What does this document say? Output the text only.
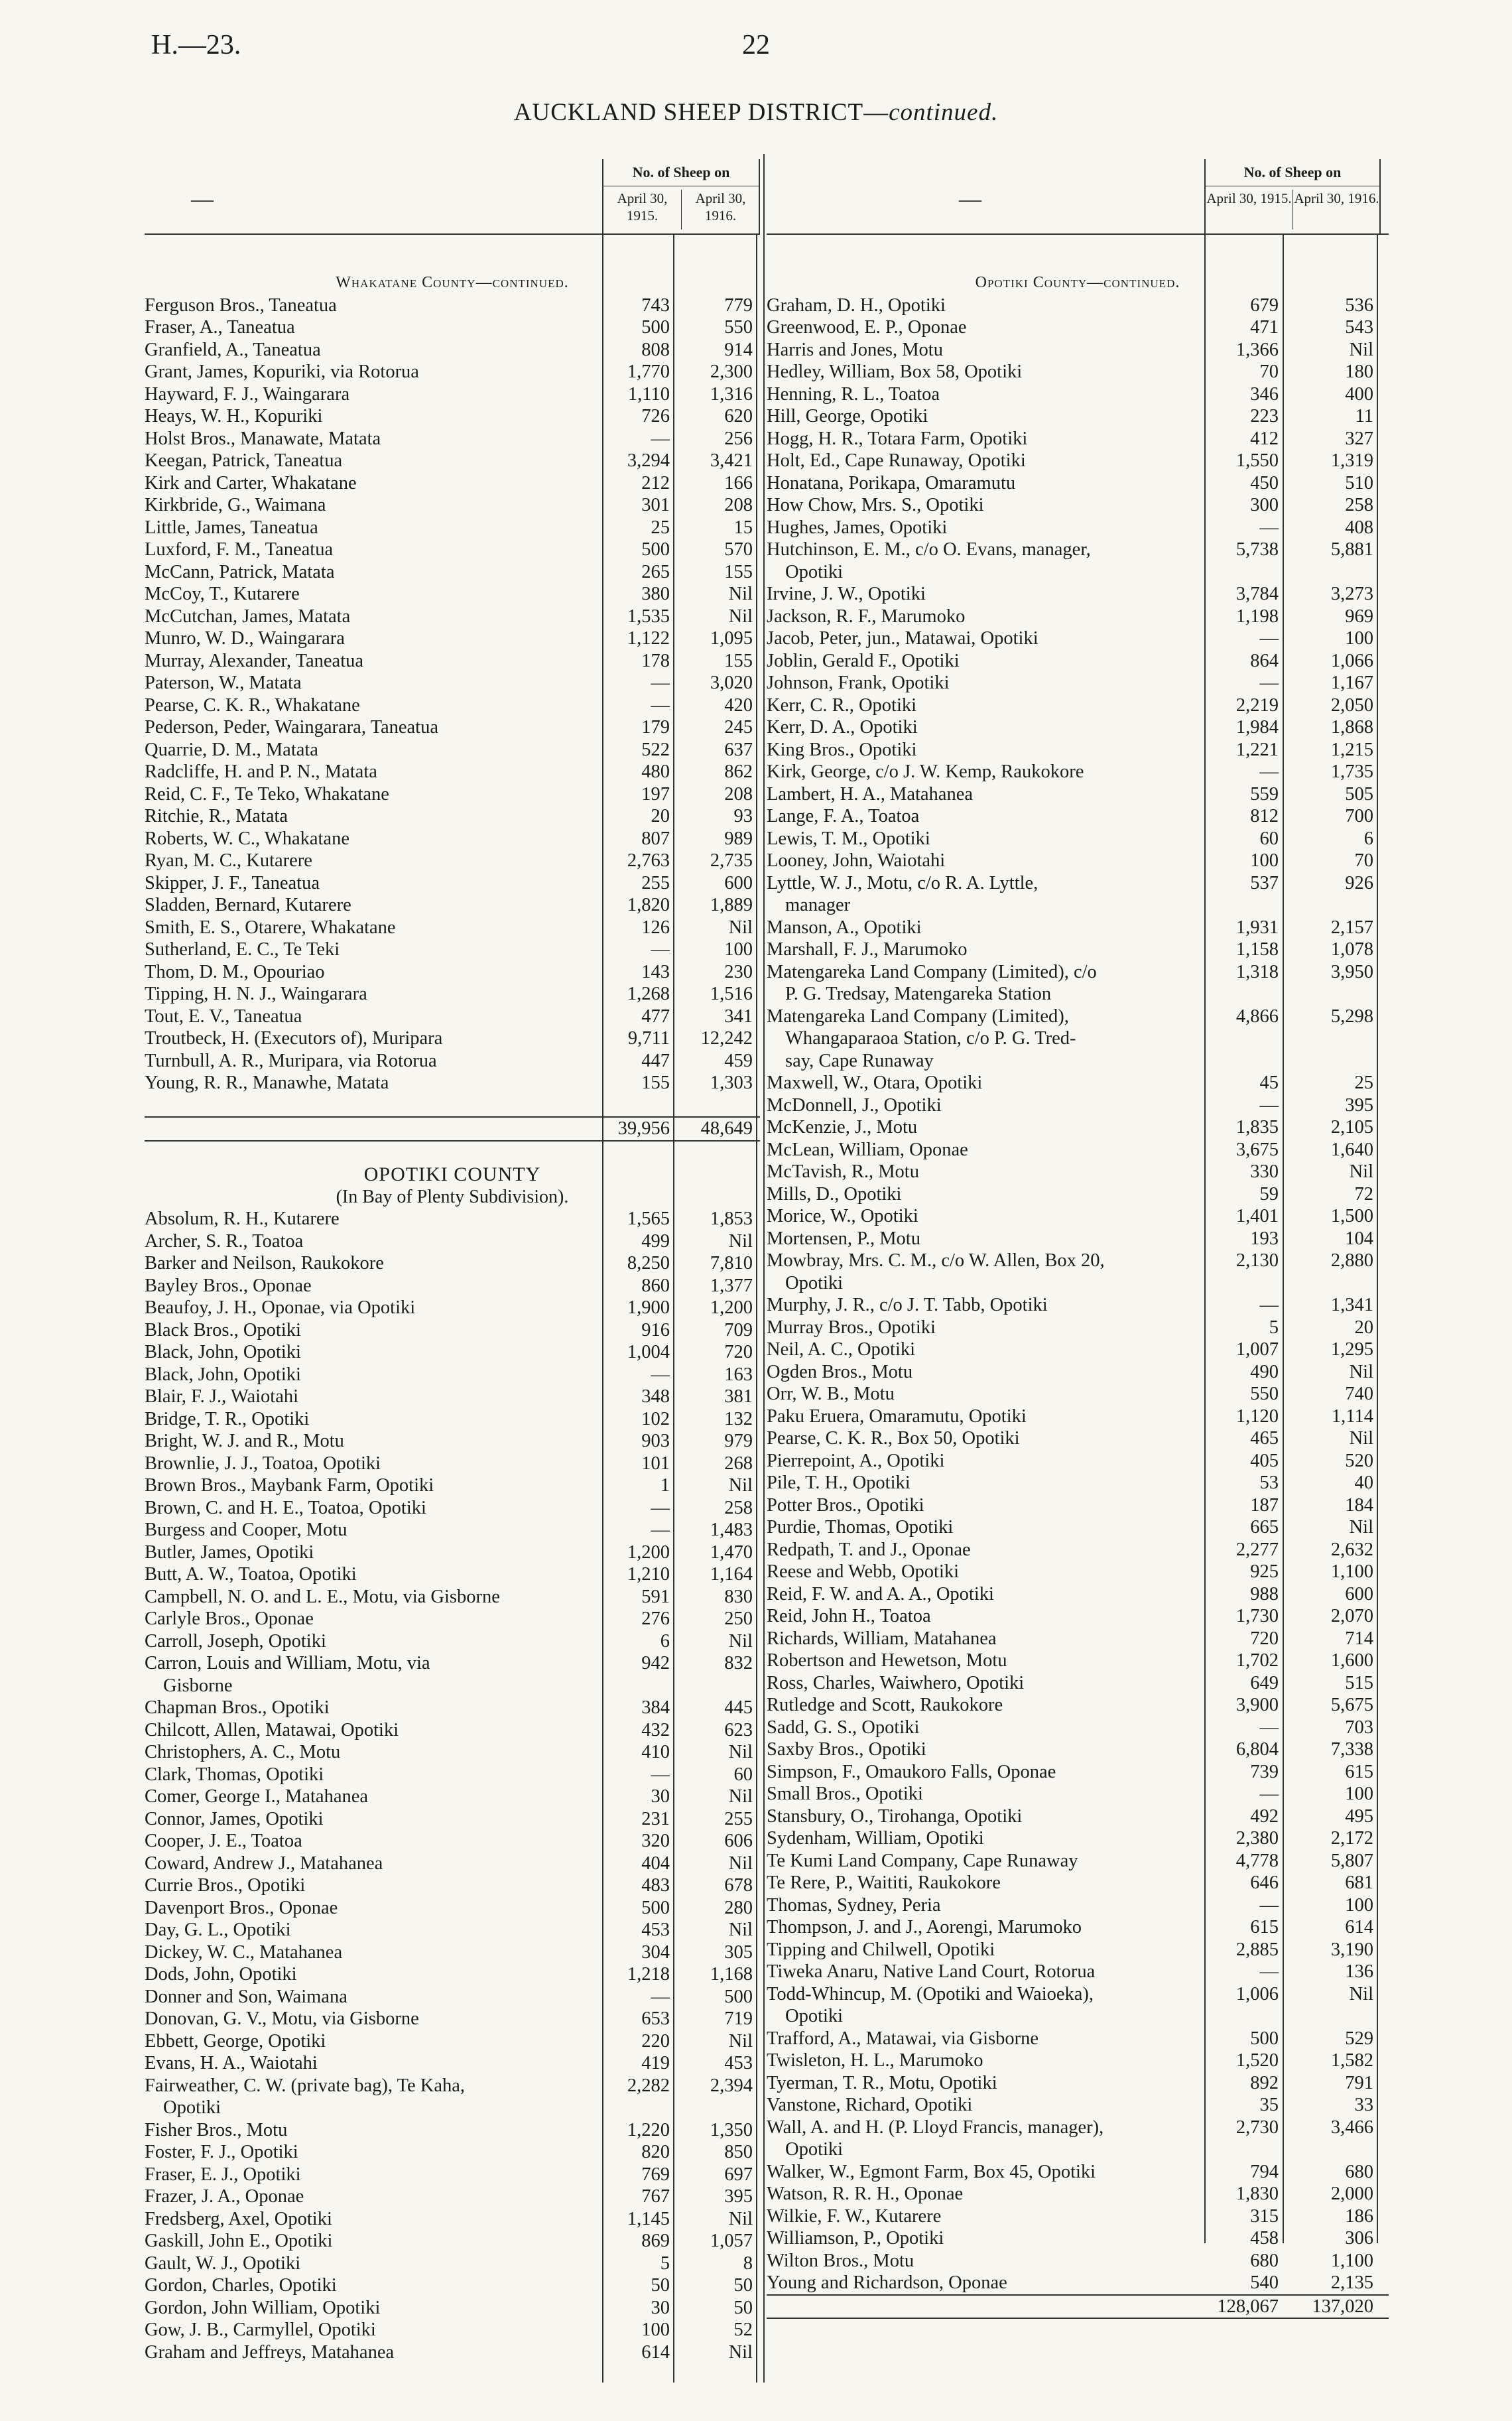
H.—23.	22
AUCKLAND SHEEP DISTRICT—continued.
—
No. of Sheep on
April 30, 1915.
April 30, 1916.
Whakatane County—continued.
Ferguson Bros., Taneatua	743	779
Fraser, A., Taneatua	500	550
Granfield, A., Taneatua	808	914
Grant, James, Kopuriki, via Rotorua	1,770	2,300
Hayward, F. J., Waingarara	1,110	1,316
Heays, W. H., Kopuriki	726	620
Holst Bros., Manawate, Matata	—	256
Keegan, Patrick, Taneatua	3,294	3,421
Kirk and Carter, Whakatane	212	166
Kirkbride, G., Waimana	301	208
Little, James, Taneatua	25	15
Luxford, F. M., Taneatua	500	570
McCann, Patrick, Matata	265	155
McCoy, T., Kutarere	380	Nil
McCutchan, James, Matata	1,535	Nil
Munro, W. D., Waingarara	1,122	1,095
Murray, Alexander, Taneatua	178	155
Paterson, W., Matata	—	3,020
Pearse, C. K. R., Whakatane	—	420
Pederson, Peder, Waingarara, Taneatua	179	245
Quarrie, D. M., Matata	522	637
Radcliffe, H. and P. N., Matata	480	862
Reid, C. F., Te Teko, Whakatane	197	208
Ritchie, R., Matata	20	93
Roberts, W. C., Whakatane	807	989
Ryan, M. C., Kutarere	2,763	2,735
Skipper, J. F., Taneatua	255	600
Sladden, Bernard, Kutarere	1,820	1,889
Smith, E. S., Otarere, Whakatane	126	Nil
Sutherland, E. C., Te Teki	—	100
Thom, D. M., Opouriao	143	230
Tipping, H. N. J., Waingarara	1,268	1,516
Tout, E. V., Taneatua	477	341
Troutbeck, H. (Executors of), Muripara	9,711	12,242
Turnbull, A. R., Muripara, via Rotorua	447	459
Young, R. R., Manawhe, Matata	155	1,303
39,956	48,649
OPOTIKI COUNTY
(In Bay of Plenty Subdivision).
Absolum, R. H., Kutarere	1,565	1,853
Archer, S. R., Toatoa	499	Nil
Barker and Neilson, Raukokore	8,250	7,810
Bayley Bros., Oponae	860	1,377
Beaufoy, J. H., Oponae, via Opotiki	1,900	1,200
Black Bros., Opotiki	916	709
Black, John, Opotiki	1,004	720
Black, John, Opotiki	—	163
Blair, F. J., Waiotahi	348	381
Bridge, T. R., Opotiki	102	132
Bright, W. J. and R., Motu	903	979
Brownlie, J. J., Toatoa, Opotiki	101	268
Brown Bros., Maybank Farm, Opotiki	1	Nil
Brown, C. and H. E., Toatoa, Opotiki	—	258
Burgess and Cooper, Motu	—	1,483
Butler, James, Opotiki	1,200	1,470
Butt, A. W., Toatoa, Opotiki	1,210	1,164
Campbell, N. O. and L. E., Motu, via Gisborne	591	830
Carlyle Bros., Oponae	276	250
Carroll, Joseph, Opotiki	6	Nil
Carron, Louis and William, Motu, via	942	832
Gisborne
Chapman Bros., Opotiki	384	445
Chilcott, Allen, Matawai, Opotiki	432	623
Christophers, A. C., Motu	410	Nil
Clark, Thomas, Opotiki	—	60
Comer, George I., Matahanea	30	Nil
Connor, James, Opotiki	231	255
Cooper, J. E., Toatoa	320	606
Coward, Andrew J., Matahanea	404	Nil
Currie Bros., Opotiki	483	678
Davenport Bros., Oponae	500	280
Day, G. L., Opotiki	453	Nil
Dickey, W. C., Matahanea	304	305
Dods, John, Opotiki	1,218	1,168
Donner and Son, Waimana	—	500
Donovan, G. V., Motu, via Gisborne	653	719
Ebbett, George, Opotiki	220	Nil
Evans, H. A., Waiotahi	419	453
Fairweather, C. W. (private bag), Te Kaha,	2,282	2,394
Opotiki
Fisher Bros., Motu	1,220	1,350
Foster, F. J., Opotiki	820	850
Fraser, E. J., Opotiki	769	697
Frazer, J. A., Oponae	767	395
Fredsberg, Axel, Opotiki	1,145	Nil
Gaskill, John E., Opotiki	869	1,057
Gault, W. J., Opotiki	5	8
Gordon, Charles, Opotiki	50	50
Gordon, John William, Opotiki	30	50
Gow, J. B., Carmyllel, Opotiki	100	52
Graham and Jeffreys, Matahanea	614	Nil
—
No. of Sheep on
April 30, 1915. April 30, 1916.
Opotiki County—continued.
Graham, D. H., Opotiki	679	536
Greenwood, E. P., Oponae	471	543
Harris and Jones, Motu	1,366	Nil
Hedley, William, Box 58, Opotiki	70	180
Henning, R. L., Toatoa	346	400
Hill, George, Opotiki	223	11
Hogg, H. R., Totara Farm, Opotiki	412	327
Holt, Ed., Cape Runaway, Opotiki	1,550	1,319
Honatana, Porikapa, Omaramutu	450	510
How Chow, Mrs. S., Opotiki	300	258
Hughes, James, Opotiki	—	408
Hutchinson, E. M., c/o O. Evans, manager,	5,738	5,881
Opotiki
Irvine, J. W., Opotiki	3,784	3,273
Jackson, R. F., Marumoko	1,198	969
Jacob, Peter, jun., Matawai, Opotiki	—	100
Joblin, Gerald F., Opotiki	864	1,066
Johnson, Frank, Opotiki	—	1,167
Kerr, C. R., Opotiki	2,219	2,050
Kerr, D. A., Opotiki	1,984	1,868
King Bros., Opotiki	1,221	1,215
Kirk, George, c/o J. W. Kemp, Raukokore	—	1,735
Lambert, H. A., Matahanea	559	505
Lange, F. A., Toatoa	812	700
Lewis, T. M., Opotiki	60	6
Looney, John, Waiotahi	100	70
Lyttle, W. J., Motu, c/o R. A. Lyttle,	537	926
manager
Manson, A., Opotiki	1,931	2,157
Marshall, F. J., Marumoko	1,158	1,078
Matengareka Land Company (Limited), c/o	1,318	3,950
P. G. Tredsay, Matengareka Station
Matengareka Land Company (Limited),	4,866	5,298
Whangaparaoa Station, c/o P. G. Tred-
say, Cape Runaway
Maxwell, W., Otara, Opotiki	45	25
McDonnell, J., Opotiki	—	395
McKenzie, J., Motu	1,835	2,105
McLean, William, Oponae	3,675	1,640
McTavish, R., Motu	330	Nil
Mills, D., Opotiki	59	72
Morice, W., Opotiki	1,401	1,500
Mortensen, P., Motu	193	104
Mowbray, Mrs. C. M., c/o W. Allen, Box 20,	2,130	2,880
Opotiki
Murphy, J. R., c/o J. T. Tabb, Opotiki	—	1,341
Murray Bros., Opotiki	5	20
Neil, A. C., Opotiki	1,007	1,295
Ogden Bros., Motu	490	Nil
Orr, W. B., Motu	550	740
Paku Eruera, Omaramutu, Opotiki	1,120	1,114
Pearse, C. K. R., Box 50, Opotiki	465	Nil
Pierrepoint, A., Opotiki	405	520
Pile, T. H., Opotiki	53	40
Potter Bros., Opotiki	187	184
Purdie, Thomas, Opotiki	665	Nil
Redpath, T. and J., Oponae	2,277	2,632
Reese and Webb, Opotiki	925	1,100
Reid, F. W. and A. A., Opotiki	988	600
Reid, John H., Toatoa	1,730	2,070
Richards, William, Matahanea	720	714
Robertson and Hewetson, Motu	1,702	1,600
Ross, Charles, Waiwhero, Opotiki	649	515
Rutledge and Scott, Raukokore	3,900	5,675
Sadd, G. S., Opotiki	—	703
Saxby Bros., Opotiki	6,804	7,338
Simpson, F., Omaukoro Falls, Oponae	739	615
Small Bros., Opotiki	—	100
Stansbury, O., Tirohanga, Opotiki	492	495
Sydenham, William, Opotiki	2,380	2,172
Te Kumi Land Company, Cape Runaway	4,778	5,807
Te Rere, P., Waititi, Raukokore	646	681
Thomas, Sydney, Peria	—	100
Thompson, J. and J., Aorengi, Marumoko	615	614
Tipping and Chilwell, Opotiki	2,885	3,190
Tiweka Anaru, Native Land Court, Rotorua	—	136
Todd-Whincup, M. (Opotiki and Waioeka),	1,006	Nil
Opotiki
Trafford, A., Matawai, via Gisborne	500	529
Twisleton, H. L., Marumoko	1,520	1,582
Tyerman, T. R., Motu, Opotiki	892	791
Vanstone, Richard, Opotiki	35	33
Wall, A. and H. (P. Lloyd Francis, manager),	2,730	3,466
Opotiki
Walker, W., Egmont Farm, Box 45, Opotiki	794	680
Watson, R. R. H., Oponae	1,830	2,000
Wilkie, F. W., Kutarere	315	186
Williamson, P., Opotiki	458	306
Wilton Bros., Motu	680	1,100
Young and Richardson, Oponae	540	2,135
128,067	137,020
